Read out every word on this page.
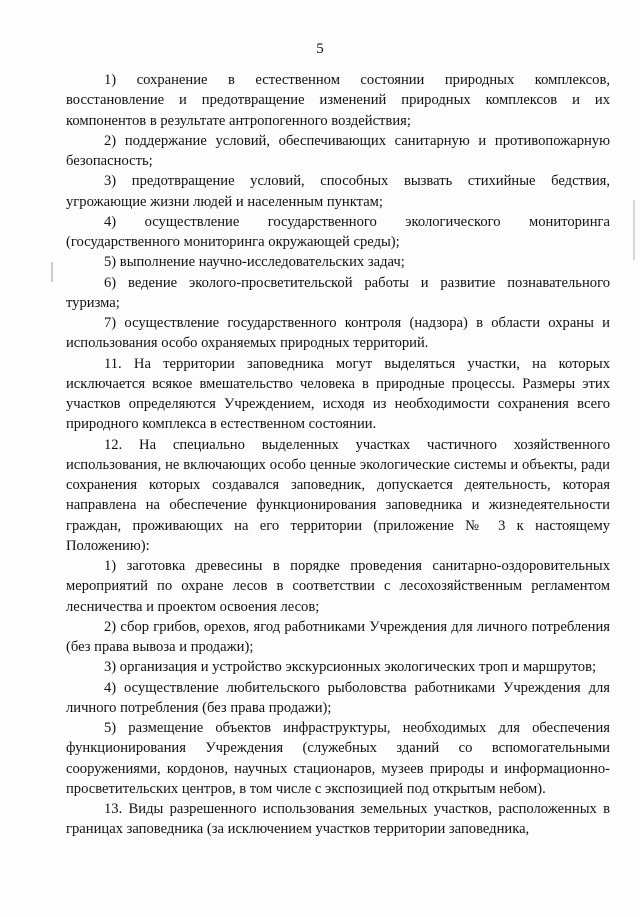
5

1) сохранение в естественном состоянии природных комплексов, восстановление и предотвращение изменений природных комплексов и их компонентов в результате антропогенного воздействия;

2) поддержание условий, обеспечивающих санитарную и противопожарную безопасность;

3) предотвращение условий, способных вызвать стихийные бедствия, угрожающие жизни людей и населенным пунктам;

4) осуществление государственного экологического мониторинга (государственного мониторинга окружающей среды);

5) выполнение научно-исследовательских задач;

6) ведение эколого-просветительской работы и развитие познавательного туризма;

7) осуществление государственного контроля (надзора) в области охраны и использования особо охраняемых природных территорий.

11. На территории заповедника могут выделяться участки, на которых исключается всякое вмешательство человека в природные процессы. Размеры этих участков определяются Учреждением, исходя из необходимости сохранения всего природного комплекса в естественном состоянии.

12. На специально выделенных участках частичного хозяйственного использования, не включающих особо ценные экологические системы и объекты, ради сохранения которых создавался заповедник, допускается деятельность, которая направлена на обеспечение функционирования заповедника и жизнедеятельности граждан, проживающих на его территории (приложение № 3 к настоящему Положению):

1) заготовка древесины в порядке проведения санитарно-оздоровительных мероприятий по охране лесов в соответствии с лесохозяйственным регламентом лесничества и проектом освоения лесов;

2) сбор грибов, орехов, ягод работниками Учреждения для личного потребления (без права вывоза и продажи);

3) организация и устройство экскурсионных экологических троп и маршрутов;

4) осуществление любительского рыболовства работниками Учреждения для личного потребления (без права продажи);

5) размещение объектов инфраструктуры, необходимых для обеспечения функционирования Учреждения (служебных зданий со вспомогательными сооружениями, кордонов, научных стационаров, музеев природы и информационно-просветительских центров, в том числе с экспозицией под открытым небом).

13. Виды разрешенного использования земельных участков, расположенных в границах заповедника (за исключением участков территории заповедника,
